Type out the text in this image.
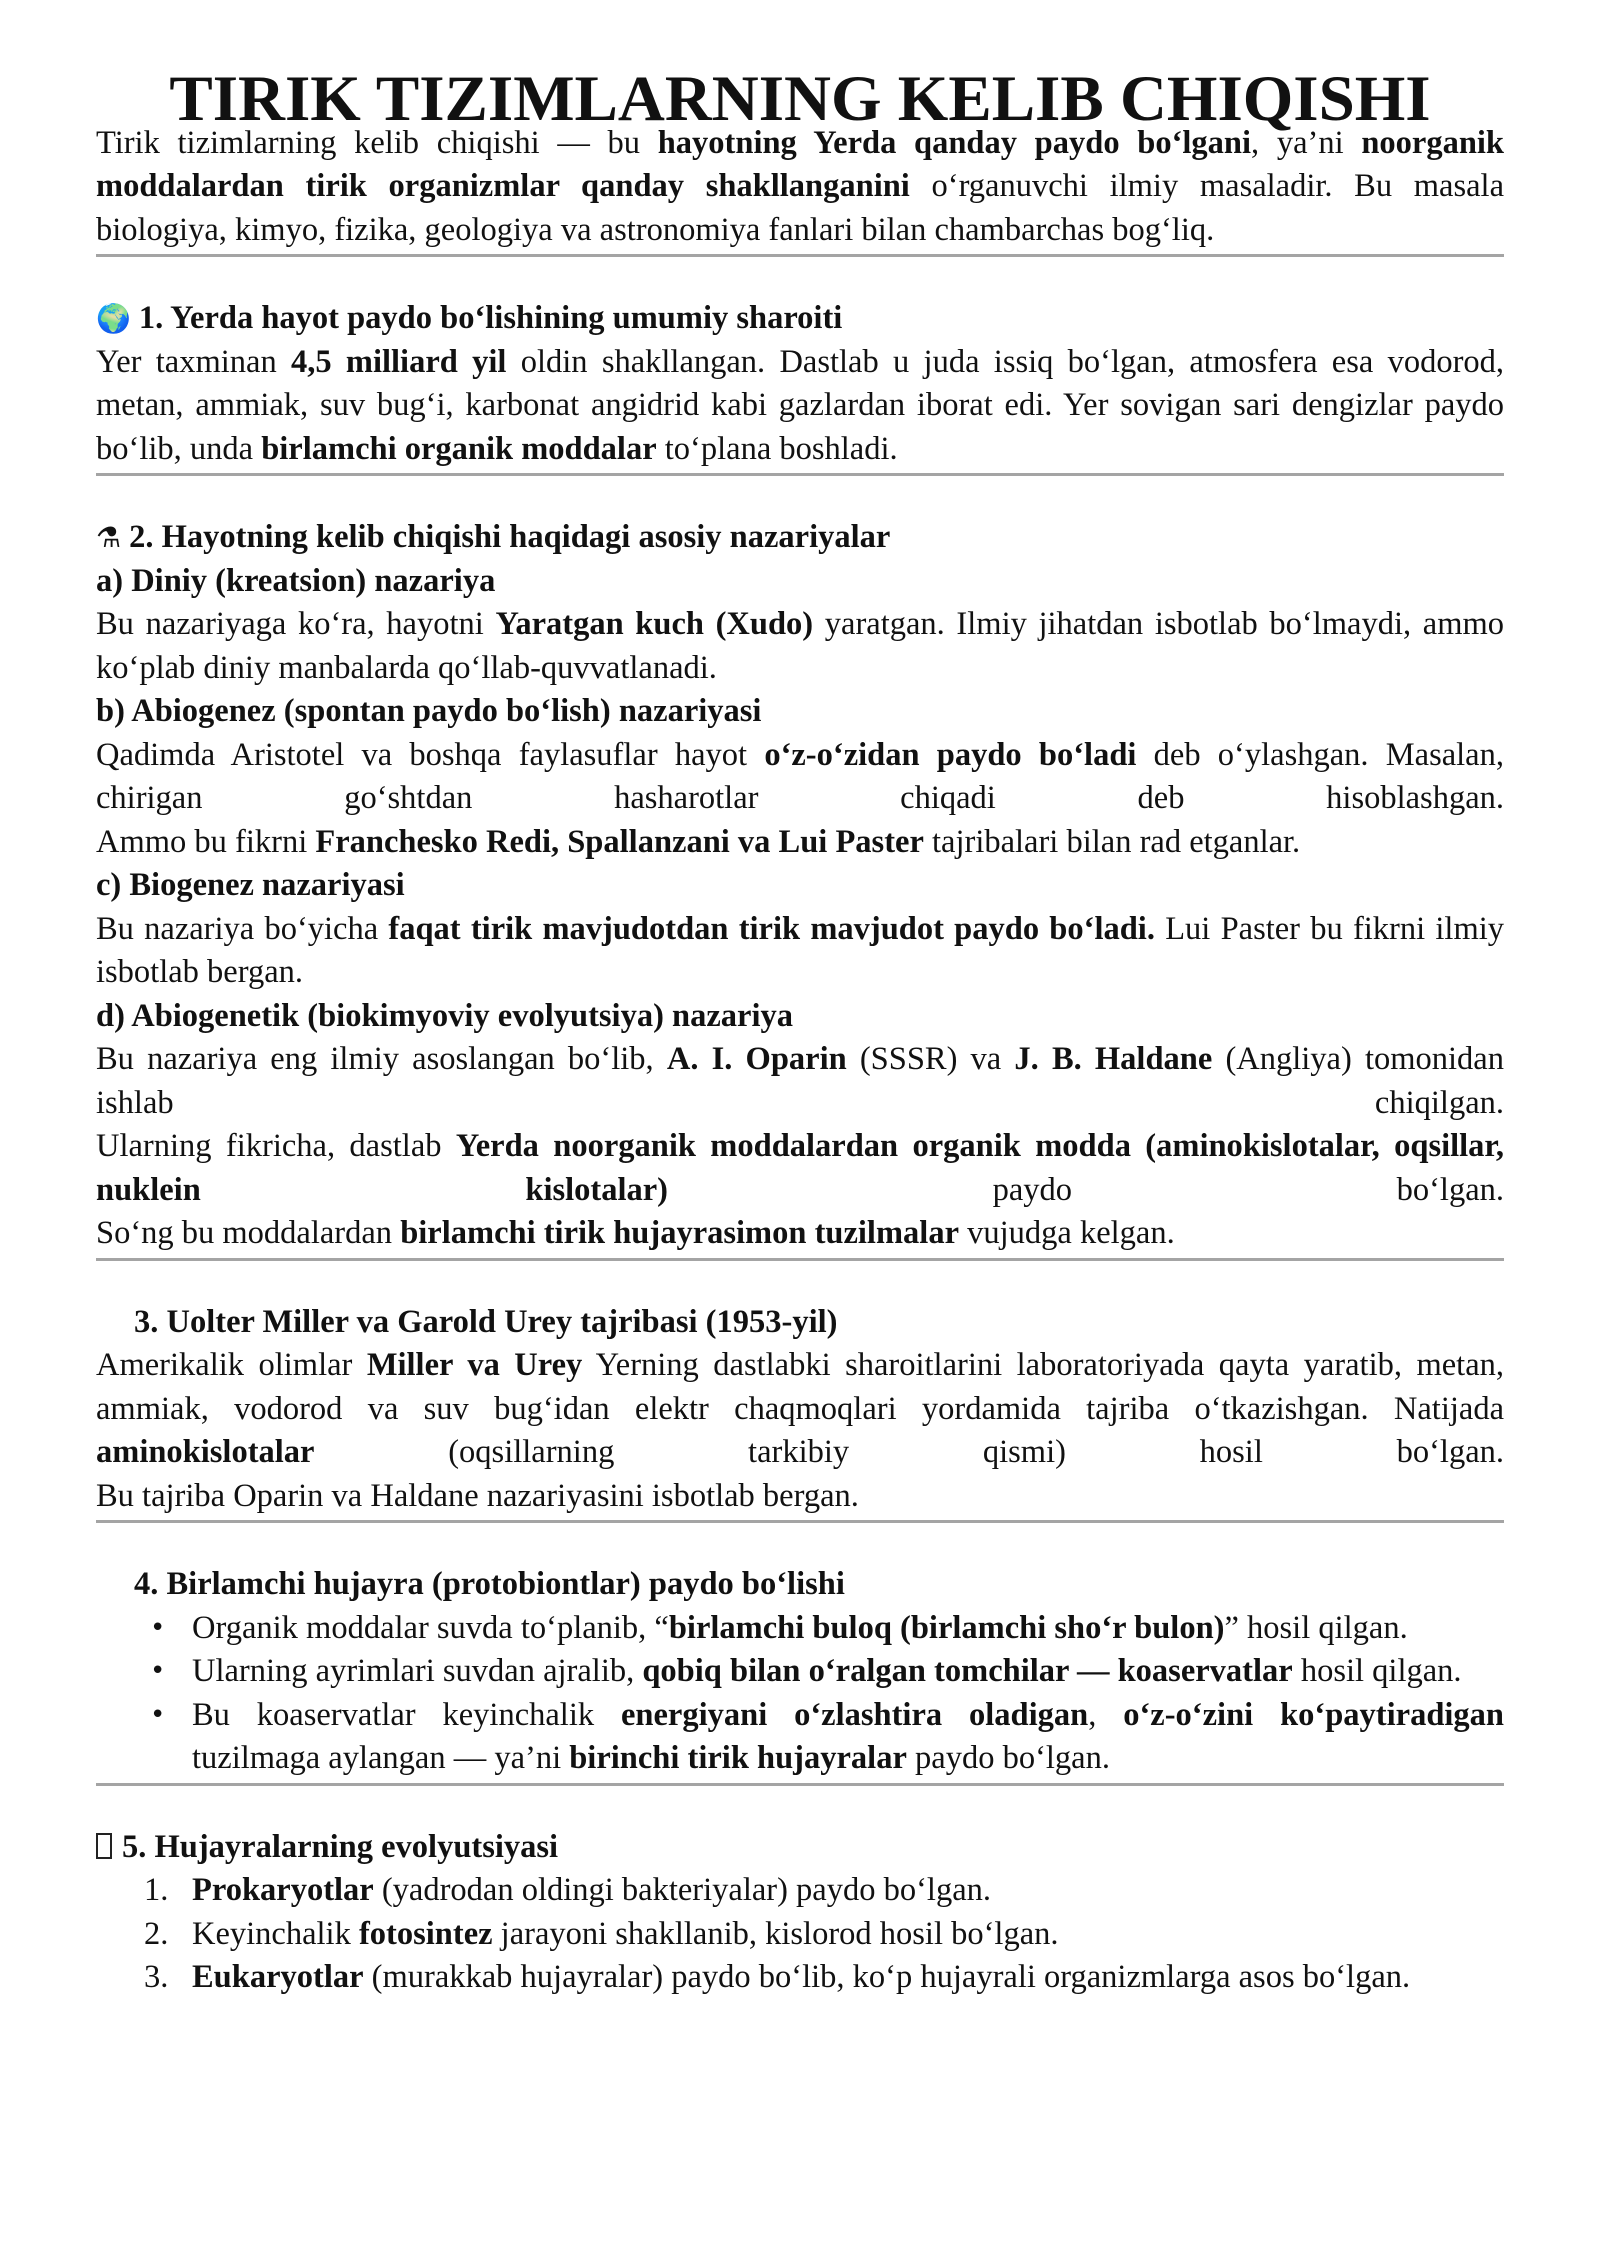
TIRIK TIZIMLARNING KELIB CHIQISHI

Tirik tizimlarning kelib chiqishi — bu hayotning Yerda qanday paydo bo‘lgani, ya’ni noorganik moddalardan tirik organizmlar qanday shakllanganini o‘rganuvchi ilmiy masaladir. Bu masala biologiya, kimyo, fizika, geologiya va astronomiya fanlari bilan chambarchas bog‘liq.

🌍 1. Yerda hayot paydo bo‘lishining umumiy sharoiti

Yer taxminan 4,5 milliard yil oldin shakllangan. Dastlab u juda issiq bo‘lgan, atmosfera esa vodorod, metan, ammiak, suv bug‘i, karbonat angidrid kabi gazlardan iborat edi. Yer sovigan sari dengizlar paydo bo‘lib, unda birlamchi organik moddalar to‘plana boshladi.

⚗ 2. Hayotning kelib chiqishi haqidagi asosiy nazariyalar

a) Diniy (kreatsion) nazariya

Bu nazariyaga ko‘ra, hayotni Yaratgan kuch (Xudo) yaratgan. Ilmiy jihatdan isbotlab bo‘lmaydi, ammo ko‘plab diniy manbalarda qo‘llab-quvvatlanadi.

b) Abiogenez (spontan paydo bo‘lish) nazariyasi

Qadimda Aristotel va boshqa faylasuflar hayot o‘z-o‘zidan paydo bo‘ladi deb o‘ylashgan. Masalan, chirigan go‘shtdan hasharotlar chiqadi deb hisoblashgan.

Ammo bu fikrni Franchesko Redi, Spallanzani va Lui Paster tajribalari bilan rad etganlar.

c) Biogenez nazariyasi

Bu nazariya bo‘yicha faqat tirik mavjudotdan tirik mavjudot paydo bo‘ladi. Lui Paster bu fikrni ilmiy isbotlab bergan.

d) Abiogenetik (biokimyoviy evolyutsiya) nazariya

Bu nazariya eng ilmiy asoslangan bo‘lib, A. I. Oparin (SSSR) va J. B. Haldane (Angliya) tomonidan ishlab chiqilgan.

Ularning fikricha, dastlab Yerda noorganik moddalardan organik modda (aminokislotalar, oqsillar, nuklein kislotalar) paydo bo‘lgan.

So‘ng bu moddalardan birlamchi tirik hujayrasimon tuzilmalar vujudga kelgan.

3. Uolter Miller va Garold Urey tajribasi (1953-yil)

Amerikalik olimlar Miller va Urey Yerning dastlabki sharoitlarini laboratoriyada qayta yaratib, metan, ammiak, vodorod va suv bug‘idan elektr chaqmoqlari yordamida tajriba o‘tkazishgan. Natijada aminokislotalar (oqsillarning tarkibiy qismi) hosil bo‘lgan.

Bu tajriba Oparin va Haldane nazariyasini isbotlab bergan.

4. Birlamchi hujayra (protobiontlar) paydo bo‘lishi

• Organik moddalar suvda to‘planib, “birlamchi buloq (birlamchi sho‘r bulon)” hosil qilgan.
• Ularning ayrimlari suvdan ajralib, qobiq bilan o‘ralgan tomchilar — koaservatlar hosil qilgan.
• Bu koaservatlar keyinchalik energiyani o‘zlashtira oladigan, o‘z-o‘zini ko‘paytiradigan tuzilmaga aylangan — ya’ni birinchi tirik hujayralar paydo bo‘lgan.

5. Hujayralarning evolyutsiyasi

1. Prokaryotlar (yadrodan oldingi bakteriyalar) paydo bo‘lgan.
2. Keyinchalik fotosintez jarayoni shakllanib, kislorod hosil bo‘lgan.
3. Eukaryotlar (murakkab hujayralar) paydo bo‘lib, ko‘p hujayrali organizmlarga asos bo‘lgan.
